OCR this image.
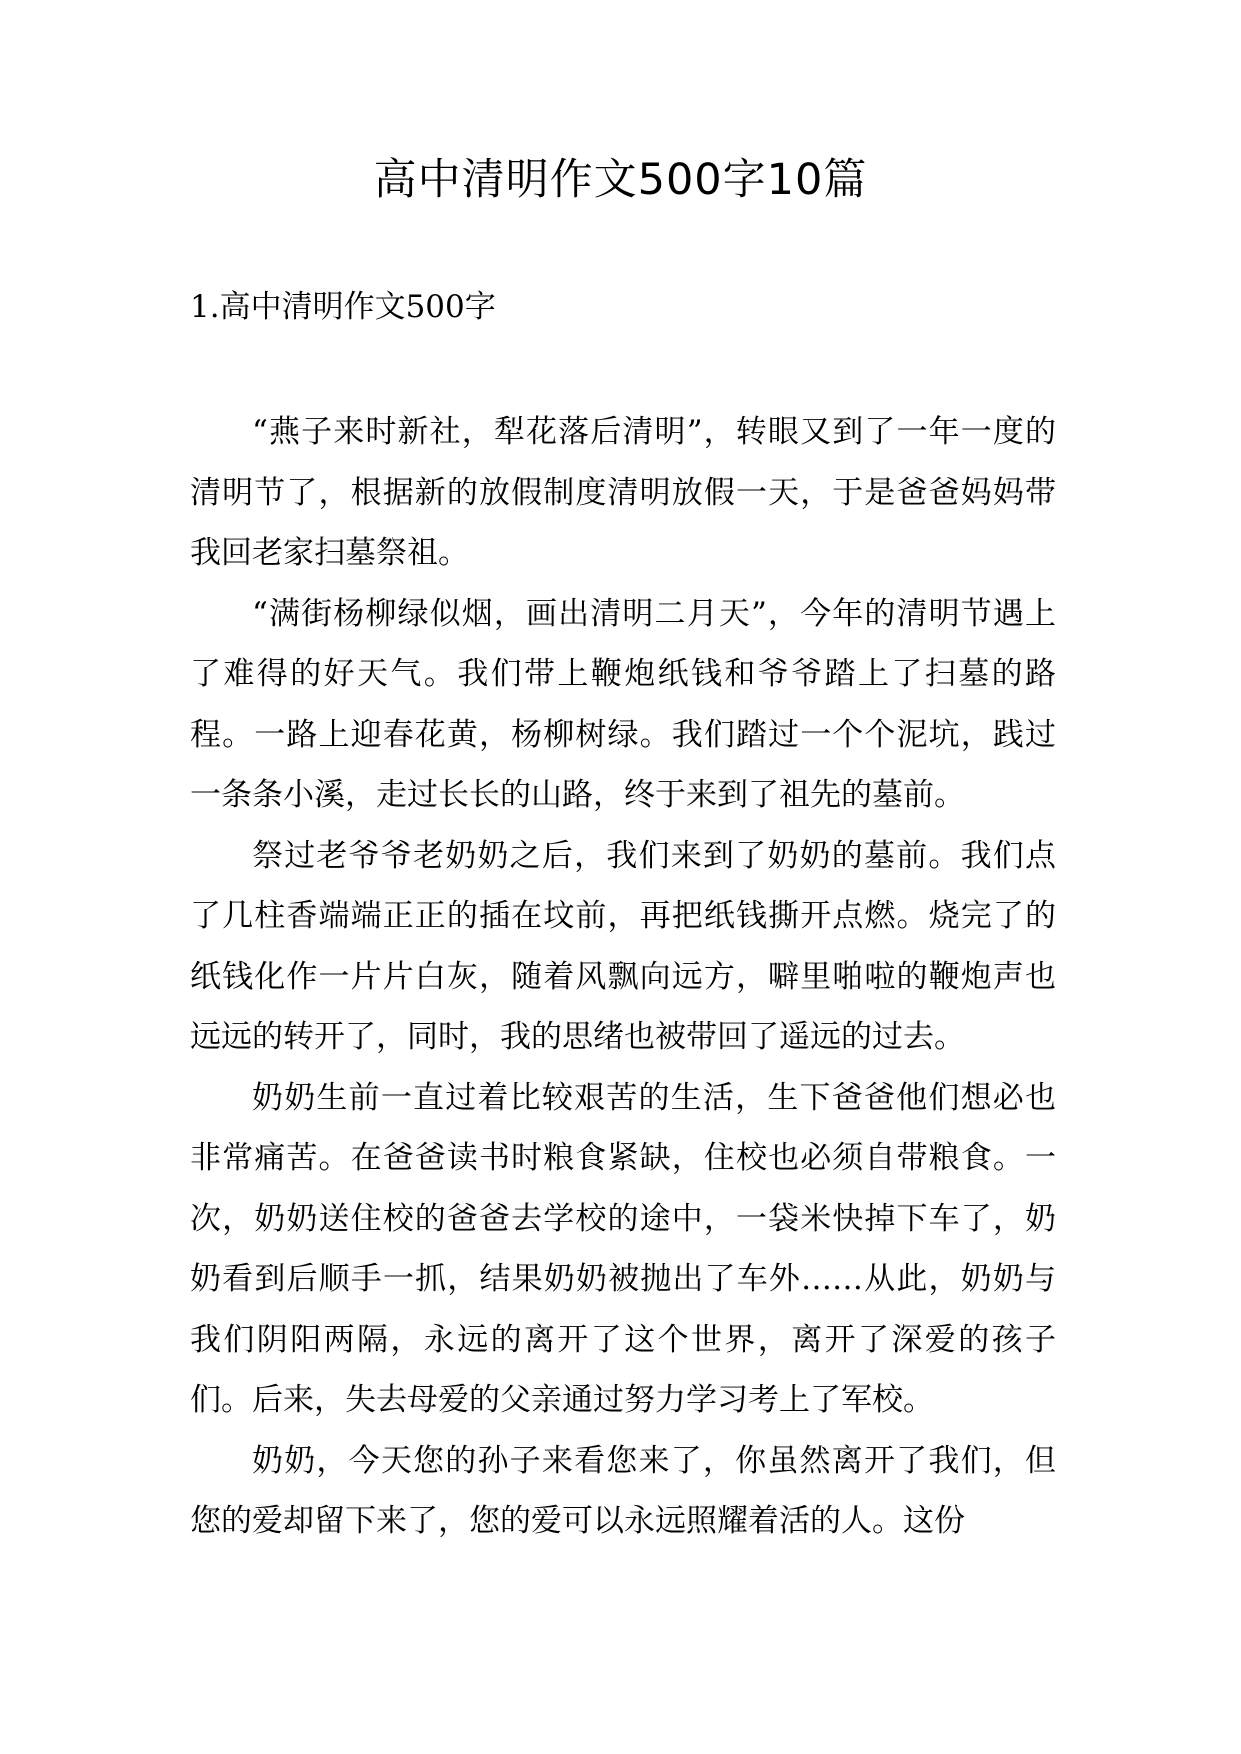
高中清明作文500字10篇
1.高中清明作文500字

“燕子来时新社，犁花落后清明”，转眼又到了一年一度的清明节了，根据新的放假制度清明放假一天，于是爸爸妈妈带我回老家扫墓祭祖。

“满街杨柳绿似烟，画出清明二月天”，今年的清明节遇上了难得的好天气。我们带上鞭炮纸钱和爷爷踏上了扫墓的路程。一路上迎春花黄，杨柳树绿。我们踏过一个个泥坑，践过一条条小溪，走过长长的山路，终于来到了祖先的墓前。

祭过老爷爷老奶奶之后，我们来到了奶奶的墓前。我们点了几柱香端端正正的插在坟前，再把纸钱撕开点燃。烧完了的纸钱化作一片片白灰，随着风飘向远方，噼里啪啦的鞭炮声也远远的转开了，同时，我的思绪也被带回了遥远的过去。

奶奶生前一直过着比较艰苦的生活，生下爸爸他们想必也非常痛苦。在爸爸读书时粮食紧缺，住校也必须自带粮食。一次，奶奶送住校的爸爸去学校的途中，一袋米快掉下车了，奶奶看到后顺手一抓，结果奶奶被抛出了车外……从此，奶奶与我们阴阳两隔，永远的离开了这个世界，离开了深爱的孩子们。后来，失去母爱的父亲通过努力学习考上了军校。

奶奶，今天您的孙子来看您来了，你虽然离开了我们，但您的爱却留下来了，您的爱可以永远照耀着活的人。这份
